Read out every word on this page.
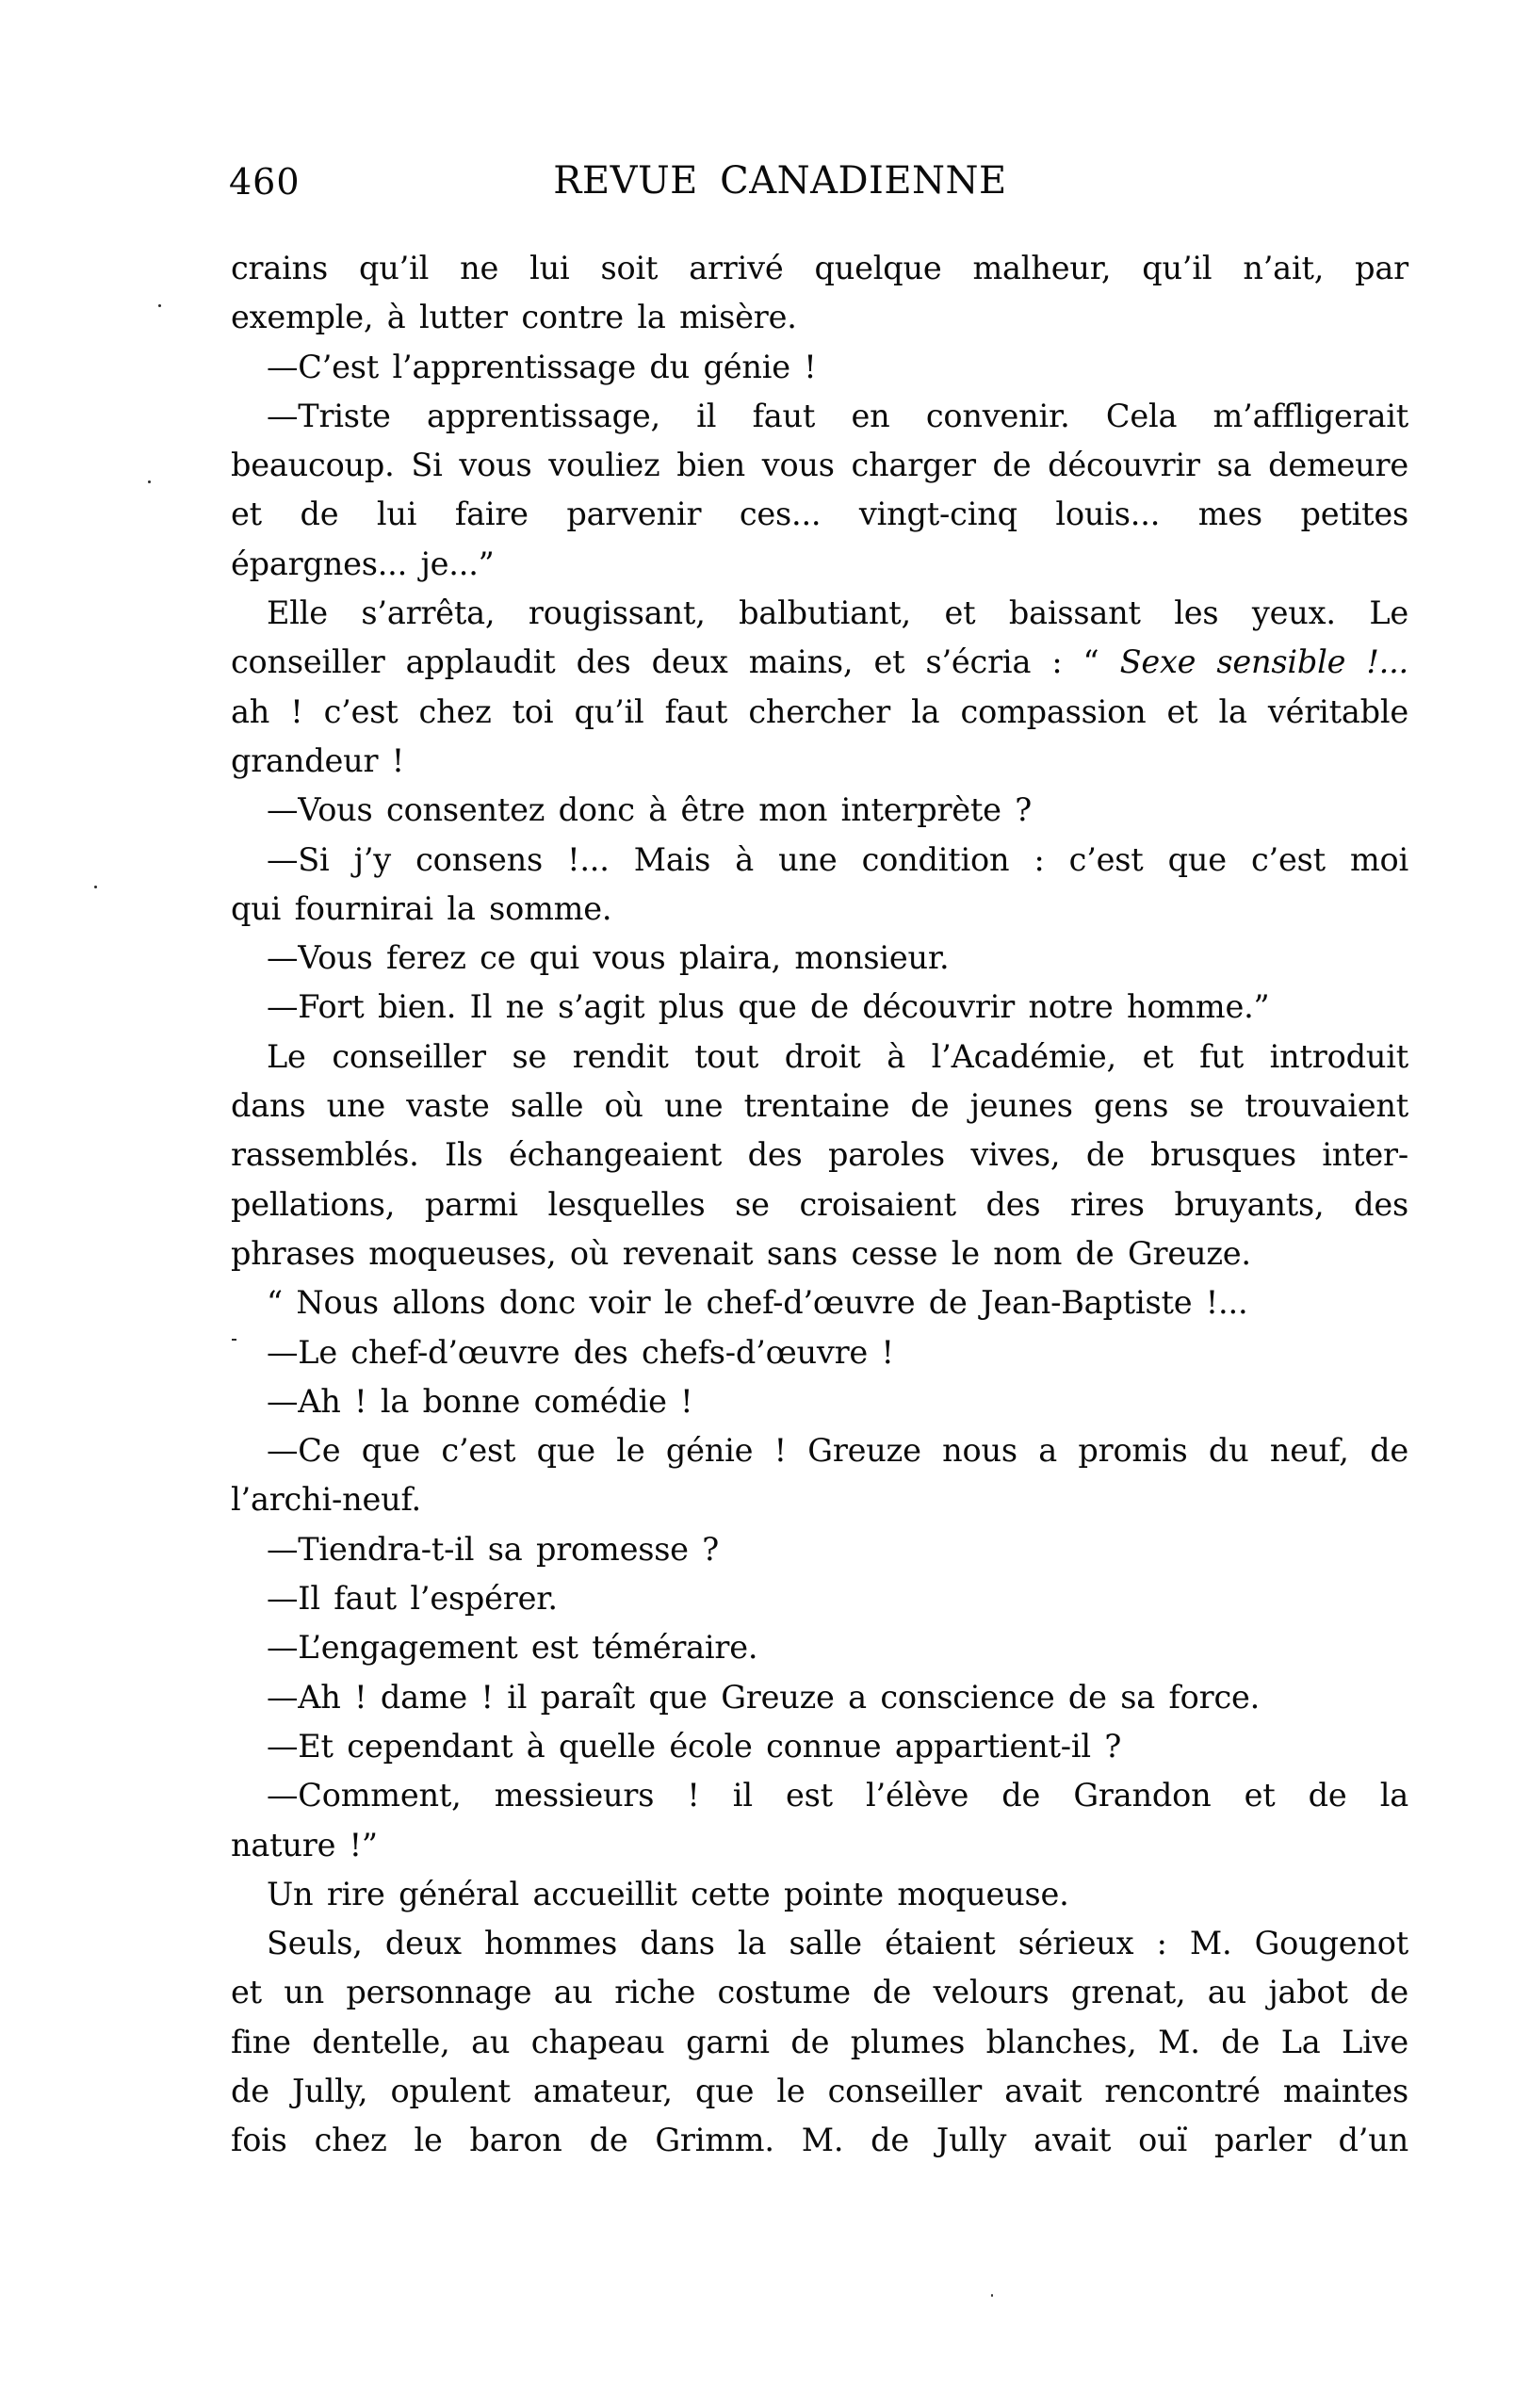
460	REVUE CANADIENNE
crains qu’il ne lui soit arrivé quelque malheur, qu’il n’ait, par
exemple, à lutter contre la misère.
—C’est l’apprentissage du génie !
—Triste apprentissage, il faut en convenir. Cela m’affligerait
beaucoup. Si vous vouliez bien vous charger de découvrir sa demeure
et de lui faire parvenir ces... vingt-cinq louis... mes petites
épargnes... je...”
Elle s’arrêta, rougissant, balbutiant, et baissant les yeux. Le
conseiller applaudit des deux mains, et s’écria : “ Sexe sensible !...
ah ! c’est chez toi qu’il faut chercher la compassion et la véritable
grandeur !
—Vous consentez donc à être mon interprète ?
—Si j’y consens !... Mais à une condition : c’est que c’est moi
qui fournirai la somme.
—Vous ferez ce qui vous plaira, monsieur.
—Fort bien. Il ne s’agit plus que de découvrir notre homme.”
Le conseiller se rendit tout droit à l’Académie, et fut introduit
dans une vaste salle où une trentaine de jeunes gens se trouvaient
rassemblés. Ils échangeaient des paroles vives, de brusques inter-
pellations, parmi lesquelles se croisaient des rires bruyants, des
phrases moqueuses, où revenait sans cesse le nom de Greuze.
“ Nous allons donc voir le chef-d’œuvre de Jean-Baptiste !...
—Le chef-d’œuvre des chefs-d’œuvre !
—Ah ! la bonne comédie !
—Ce que c’est que le génie ! Greuze nous a promis du neuf, de
l’archi-neuf.
—Tiendra-t-il sa promesse ?
—Il faut l’espérer.
—L’engagement est téméraire.
—Ah ! dame ! il paraît que Greuze a conscience de sa force.
—Et cependant à quelle école connue appartient-il ?
—Comment, messieurs ! il est l’élève de Grandon et de la
nature !”
Un rire général accueillit cette pointe moqueuse.
Seuls, deux hommes dans la salle étaient sérieux : M. Gougenot
et un personnage au riche costume de velours grenat, au jabot de
fine dentelle, au chapeau garni de plumes blanches, M. de La Live
de Jully, opulent amateur, que le conseiller avait rencontré maintes
fois chez le baron de Grimm. M. de Jully avait ouï parler d’un
